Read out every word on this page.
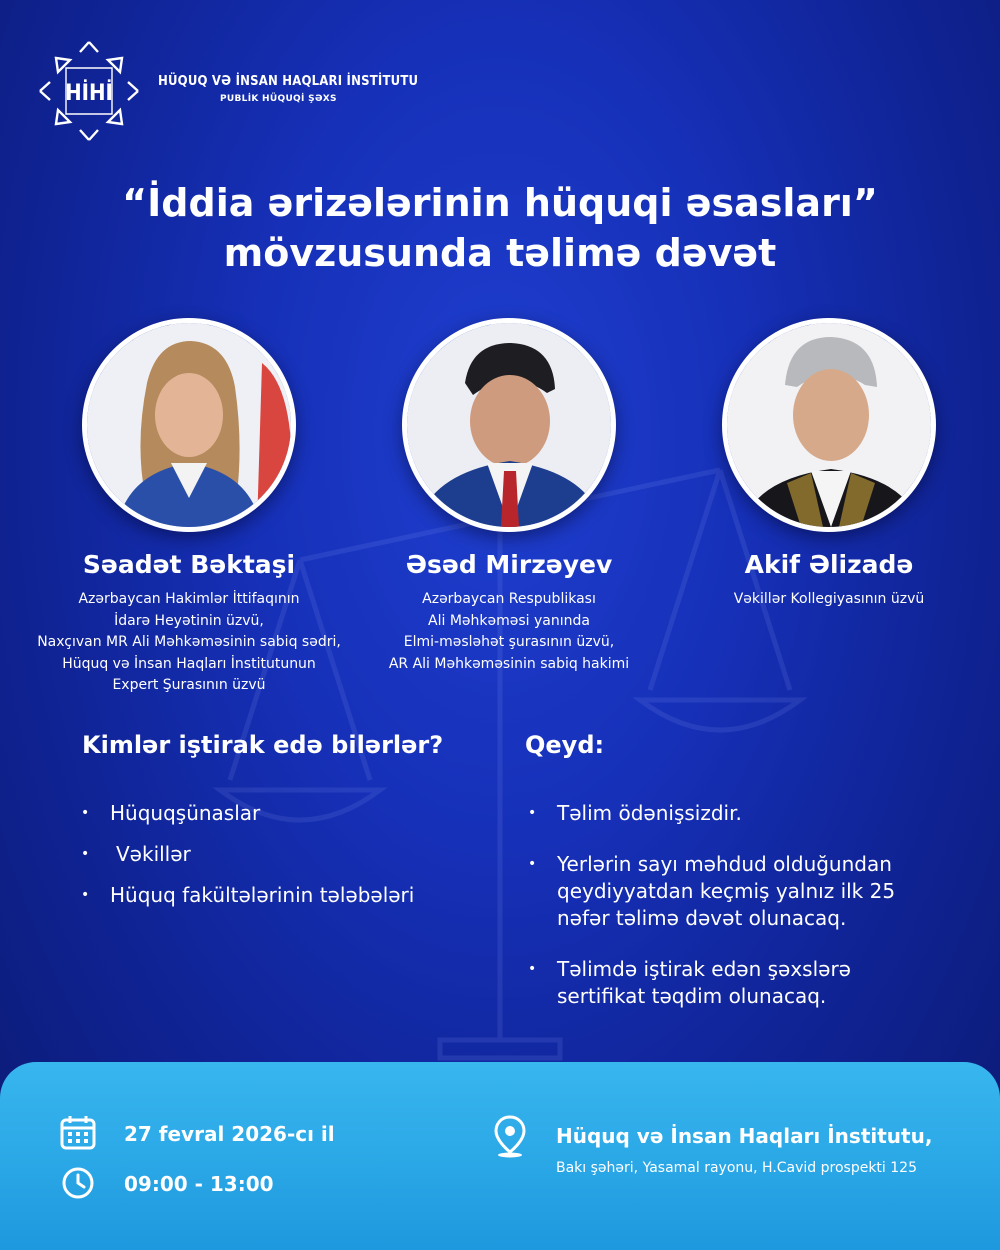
HİHİ	HÜQUQ VƏ İNSAN HAQLARI İNSTİTUTU
PUBLİK HÜQUQİ ŞƏXS
“İddia ərizələrinin hüquqi əsasları”
mövzusunda təlimə dəvət
Səadət Bəktaşi
Azərbaycan Hakimlər İttifaqının
İdarə Heyətinin üzvü,
Naxçıvan MR Ali Məhkəməsinin sabiq sədri,
Hüquq və İnsan Haqları İnstitutunun
Expert Şurasının üzvü
Əsəd Mirzəyev
Azərbaycan Respublikası
Ali Məhkəməsi yanında
Elmi-məsləhət şurasının üzvü,
AR Ali Məhkəməsinin sabiq hakimi
Akif Əlizadə
Vəkillər Kollegiyasının üzvü
Kimlər iştirak edə bilərlər?
• Hüquqşünaslar
• Vəkillər
• Hüquq fakültələrinin tələbələri
Qeyd:
• Təlim ödənişsizdir.
• Yerlərin sayı məhdud olduğundan
qeydiyyatdan keçmiş yalnız ilk 25
nəfər təlimə dəvət olunacaq.
• Təlimdə iştirak edən şəxslərə
sertifikat təqdim olunacaq.
27 fevral 2026-cı il
09:00 - 13:00
Hüquq və İnsan Haqları İnstitutu,
Bakı şəhəri, Yasamal rayonu, H.Cavid prospekti 125
